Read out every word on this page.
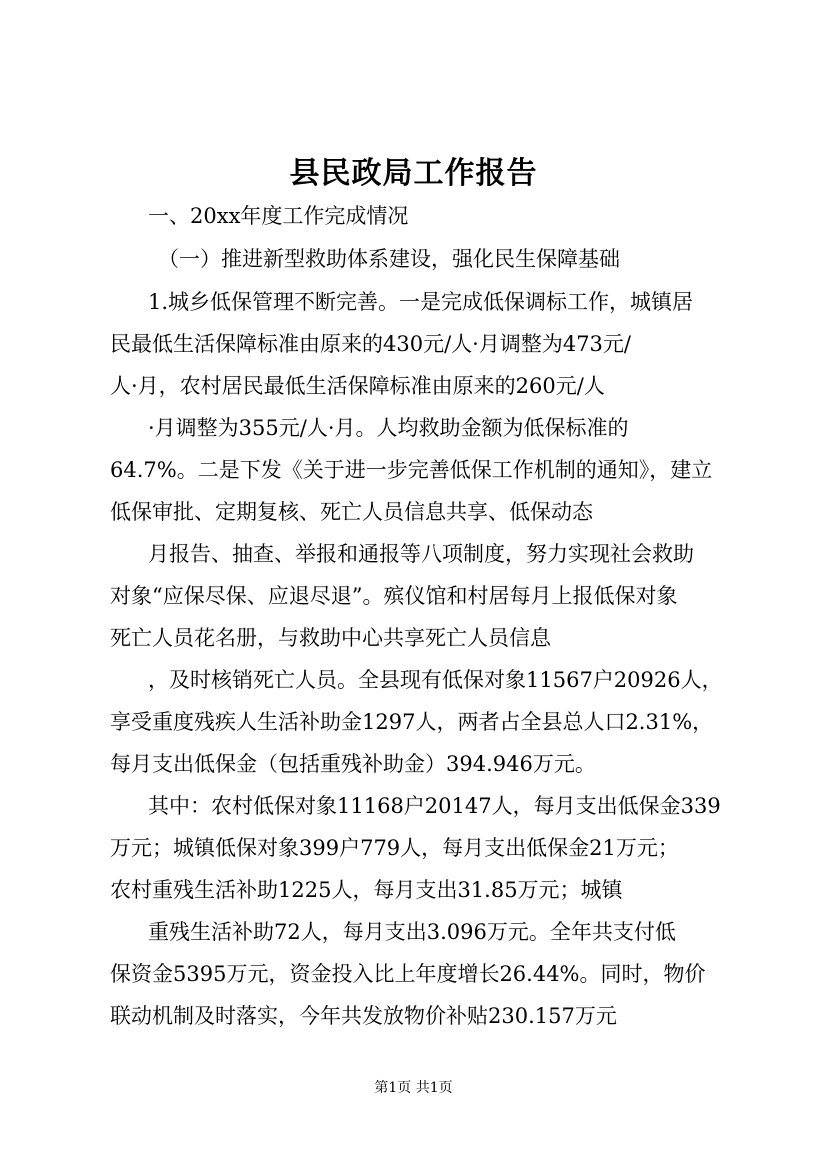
县民政局工作报告
一、20xx年度工作完成情况
（一）推进新型救助体系建设，强化民生保障基础
1.城乡低保管理不断完善。一是完成低保调标工作，城镇居
民最低生活保障标准由原来的430元/人·月调整为473元/
人·月，农村居民最低生活保障标准由原来的260元/人
·月调整为355元/人·月。人均救助金额为低保标准的
64.7%。二是下发《关于进一步完善低保工作机制的通知》，建立
低保审批、定期复核、死亡人员信息共享、低保动态
月报告、抽查、举报和通报等八项制度，努力实现社会救助
对象“应保尽保、应退尽退”。殡仪馆和村居每月上报低保对象
死亡人员花名册，与救助中心共享死亡人员信息
，及时核销死亡人员。全县现有低保对象11567户20926人，
享受重度残疾人生活补助金1297人，两者占全县总人口2.31%，
每月支出低保金（包括重残补助金）394.946万元。
其中：农村低保对象11168户20147人，每月支出低保金339
万元；城镇低保对象399户779人，每月支出低保金21万元；
农村重残生活补助1225人，每月支出31.85万元；城镇
重残生活补助72人，每月支出3.096万元。全年共支付低
保资金5395万元，资金投入比上年度增长26.44%。同时，物价
联动机制及时落实，今年共发放物价补贴230.157万元
第1页 共1页
